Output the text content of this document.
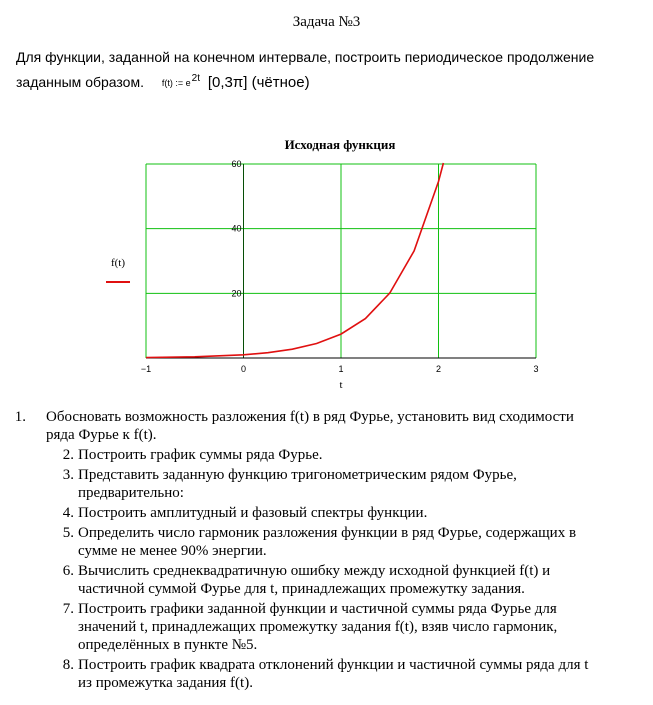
Задача №3
Для функции, заданной на конечном интервале, построить периодическое продолжение
заданным образом. f(t) := $e^{2t}$ [0,3π] (чётное)
Исходная функция
−1	0	1	2	3
20
40
60
f(t)
t
1. Обосновать возможность разложения f(t) в ряд Фурье, установить вид сходимости
ряда Фурье к f(t).
2. Построить график суммы ряда Фурье.
3. Представить заданную функцию тригонометрическим рядом Фурье,
предварительно:
4. Построить амплитудный и фазовый спектры функции.
5. Определить число гармоник разложения функции в ряд Фурье, содержащих в
сумме не менее 90% энергии.
6. Вычислить среднеквадратичную ошибку между исходной функцией f(t) и
частичной суммой Фурье для t, принадлежащих промежутку задания.
7. Построить графики заданной функции и частичной суммы ряда Фурье для
значений t, принадлежащих промежутку задания f(t), взяв число гармоник,
определённых в пункте №5.
8. Построить график квадрата отклонений функции и частичной суммы ряда для t
из промежутка задания f(t).
